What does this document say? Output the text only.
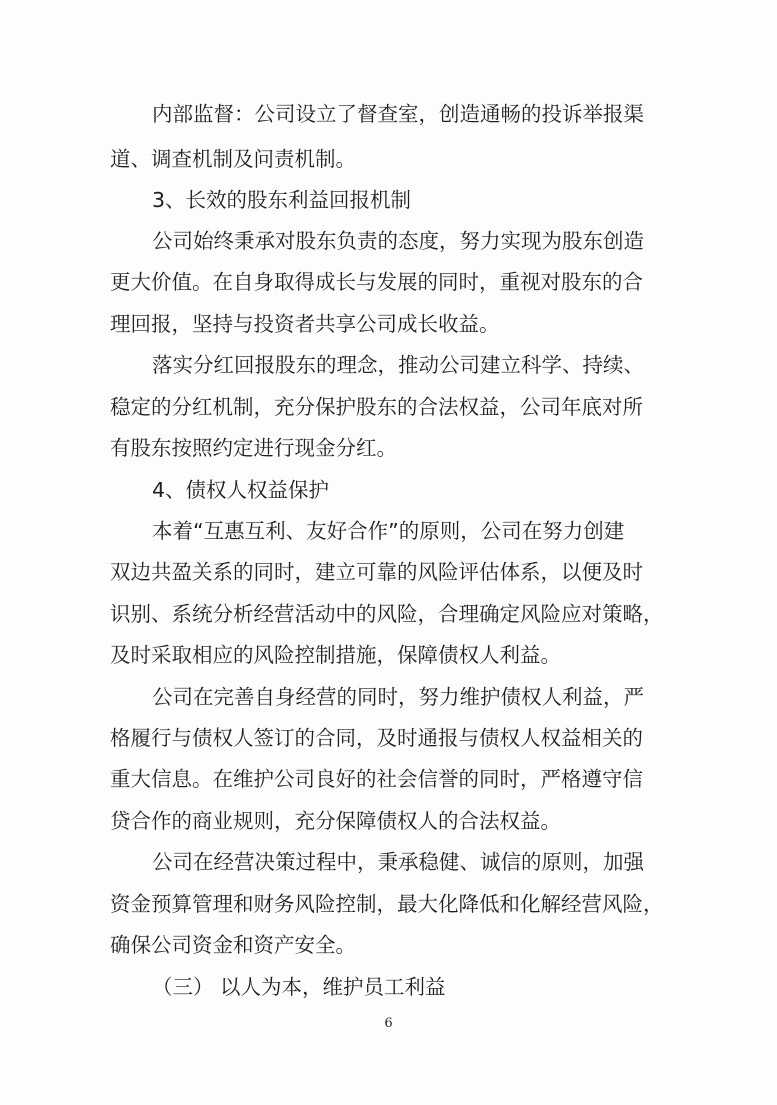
内部监督：公司设立了督查室，创造通畅的投诉举报渠
道、调查机制及问责机制。
3、长效的股东利益回报机制
公司始终秉承对股东负责的态度，努力实现为股东创造
更大价值。在自身取得成长与发展的同时，重视对股东的合
理回报，坚持与投资者共享公司成长收益。
落实分红回报股东的理念，推动公司建立科学、持续、
稳定的分红机制，充分保护股东的合法权益，公司年底对所
有股东按照约定进行现金分红。
4、债权人权益保护
本着“互惠互利、友好合作”的原则，公司在努力创建
双边共盈关系的同时，建立可靠的风险评估体系，以便及时
识别、系统分析经营活动中的风险，合理确定风险应对策略，
及时采取相应的风险控制措施，保障债权人利益。
公司在完善自身经营的同时，努力维护债权人利益，严
格履行与债权人签订的合同，及时通报与债权人权益相关的
重大信息。在维护公司良好的社会信誉的同时，严格遵守信
贷合作的商业规则，充分保障债权人的合法权益。
公司在经营决策过程中，秉承稳健、诚信的原则，加强
资金预算管理和财务风险控制，最大化降低和化解经营风险，
确保公司资金和资产安全。
（三） 以人为本，维护员工利益
6
